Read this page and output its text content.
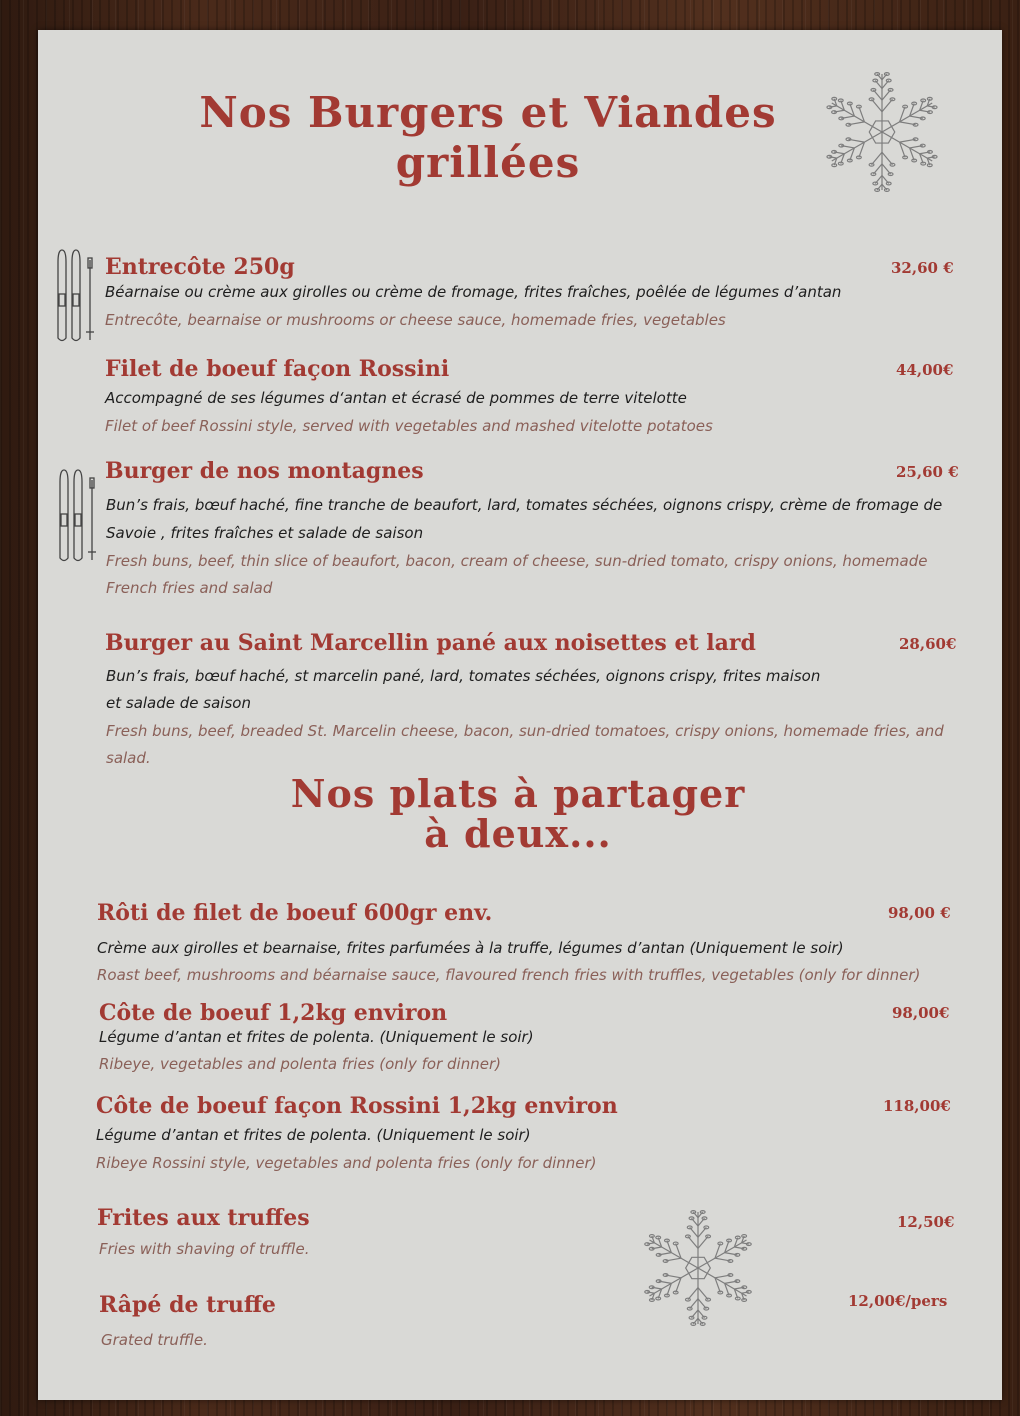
Nos Burgers et Viandes
grillées
Entrecôte 250g	32,60 €
Béarnaise ou crème aux girolles ou crème de fromage, frites fraîches, poêlée de légumes d’antan
Entrecôte, bearnaise or mushrooms or cheese sauce, homemade fries, vegetables
Filet de boeuf façon Rossini	44,00€
Accompagné de ses légumes d‘antan et écrasé de pommes de terre vitelotte
Filet of beef Rossini style, served with vegetables and mashed vitelotte potatoes
Burger de nos montagnes	25,60 €
Bun’s frais, bœuf haché, fine tranche de beaufort, lard, tomates séchées, oignons crispy, crème de fromage de
Savoie , frites fraîches et salade de saison
Fresh buns, beef, thin slice of beaufort, bacon, cream of cheese, sun-dried tomato, crispy onions, homemade
French fries and salad
Burger au Saint Marcellin pané aux noisettes et lard	28,60€
Bun’s frais, bœuf haché, st marcelin pané, lard, tomates séchées, oignons crispy, frites maison
et salade de saison
Fresh buns, beef, breaded St. Marcelin cheese, bacon, sun-dried tomatoes, crispy onions, homemade fries, and
salad.
Nos plats à partager
à deux...
Rôti de filet de boeuf 600gr env.	98,00 €
Crème aux girolles et bearnaise, frites parfumées à la truffe, légumes d’antan (Uniquement le soir)
Roast beef, mushrooms and béarnaise sauce, flavoured french fries with truffles, vegetables (only for dinner)
Côte de boeuf 1,2kg environ	98,00€
Légume d’antan et frites de polenta. (Uniquement le soir)
Ribeye, vegetables and polenta fries (only for dinner)
Côte de boeuf façon Rossini 1,2kg environ	118,00€
Légume d’antan et frites de polenta. (Uniquement le soir)
Ribeye Rossini style, vegetables and polenta fries (only for dinner)
Frites aux truffes	12,50€
Fries with shaving of truffle.
Râpé de truffe	12,00€/pers
Grated truffle.
